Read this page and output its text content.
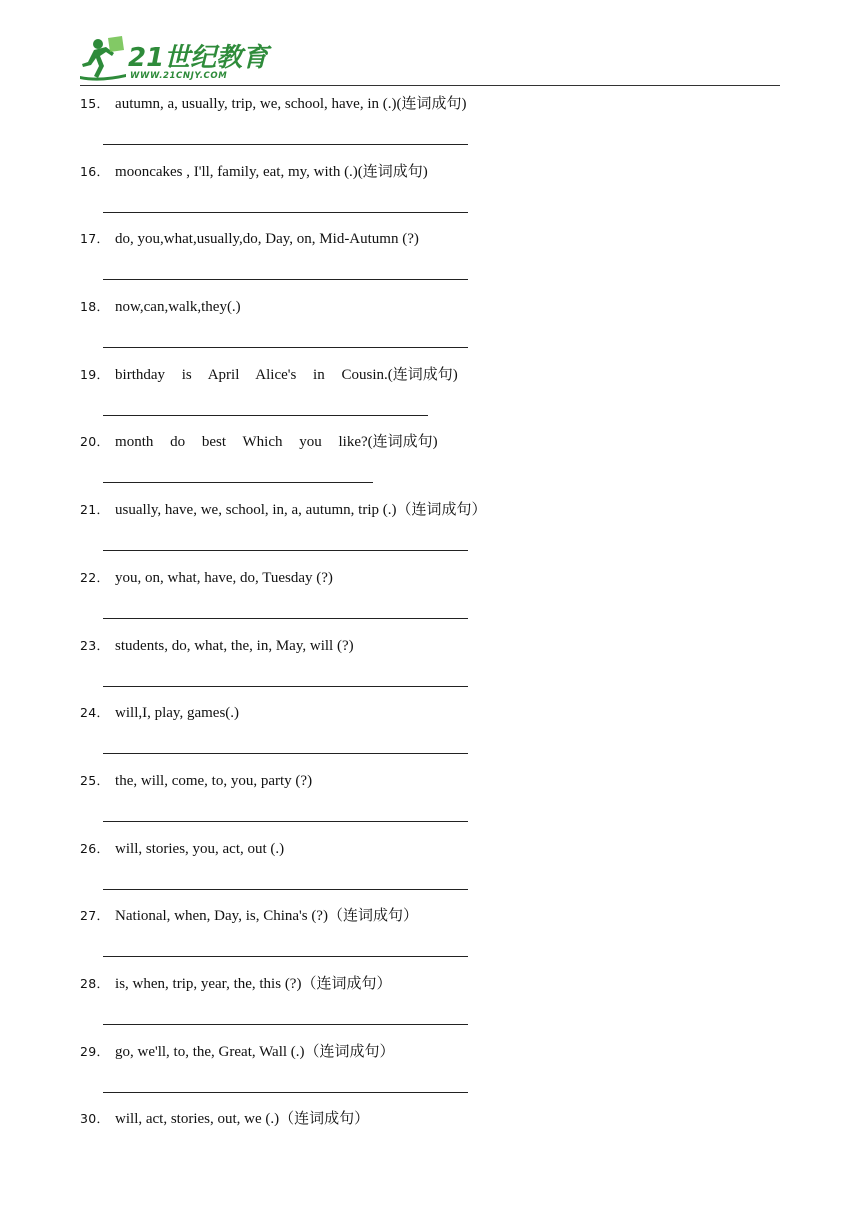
21世纪教育
WWW.21CNJY.COM
15． autumn, a, usually, trip, we, school, have, in (.)(连词成句)
16． mooncakes , I'll, family, eat, my, with (.)(连词成句)
17． do, you,what,usually,do, Day, on, Mid-Autumn (?)
18． now,can,walk,they(.)
19． birthday is April Alice's in Cousin.(连词成句)
20． month do best Which you like?(连词成句)
21． usually, have, we, school, in, a, autumn, trip (.)（连词成句）
22． you, on, what, have, do, Tuesday (?)
23． students, do, what, the, in, May, will (?)
24． will,I, play, games(.)
25． the, will, come, to, you, party (?)
26． will, stories, you, act, out (.)
27． National, when, Day, is, China's (?)（连词成句）
28． is, when, trip, year, the, this (?)（连词成句）
29． go, we'll, to, the, Great, Wall (.)（连词成句）
30． will, act, stories, out, we (.)（连词成句）
